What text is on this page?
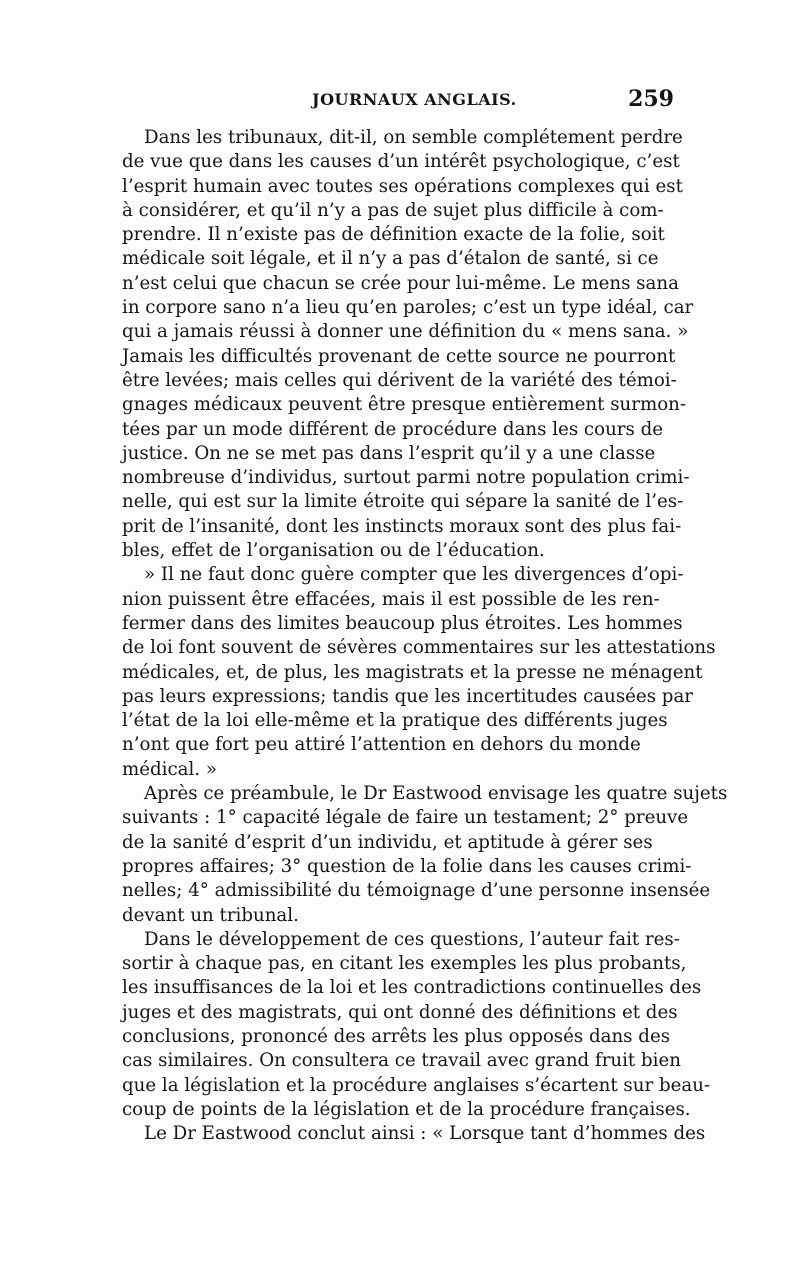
JOURNAUX ANGLAIS.	259
Dans les tribunaux, dit-il, on semble complétement perdre
de vue que dans les causes d’un intérêt psychologique, c’est
l’esprit humain avec toutes ses opérations complexes qui est
à considérer, et qu’il n’y a pas de sujet plus difficile à com-
prendre. Il n’existe pas de définition exacte de la folie, soit
médicale soit légale, et il n’y a pas d’étalon de santé, si ce
n’est celui que chacun se crée pour lui-même. Le mens sana
in corpore sano n’a lieu qu’en paroles; c’est un type idéal, car
qui a jamais réussi à donner une définition du « mens sana. »
Jamais les difficultés provenant de cette source ne pourront
être levées; mais celles qui dérivent de la variété des témoi-
gnages médicaux peuvent être presque entièrement surmon-
tées par un mode différent de procédure dans les cours de
justice. On ne se met pas dans l’esprit qu’il y a une classe
nombreuse d’individus, surtout parmi notre population crimi-
nelle, qui est sur la limite étroite qui sépare la sanité de l’es-
prit de l’insanité, dont les instincts moraux sont des plus fai-
bles, effet de l’organisation ou de l’éducation.
» Il ne faut donc guère compter que les divergences d’opi-
nion puissent être effacées, mais il est possible de les ren-
fermer dans des limites beaucoup plus étroites. Les hommes
de loi font souvent de sévères commentaires sur les attestations
médicales, et, de plus, les magistrats et la presse ne ménagent
pas leurs expressions; tandis que les incertitudes causées par
l’état de la loi elle-même et la pratique des différents juges
n’ont que fort peu attiré l’attention en dehors du monde
médical. »
Après ce préambule, le Dr Eastwood envisage les quatre sujets
suivants : 1° capacité légale de faire un testament; 2° preuve
de la sanité d’esprit d’un individu, et aptitude à gérer ses
propres affaires; 3° question de la folie dans les causes crimi-
nelles; 4° admissibilité du témoignage d’une personne insensée
devant un tribunal.
Dans le développement de ces questions, l’auteur fait res-
sortir à chaque pas, en citant les exemples les plus probants,
les insuffisances de la loi et les contradictions continuelles des
juges et des magistrats, qui ont donné des définitions et des
conclusions, prononcé des arrêts les plus opposés dans des
cas similaires. On consultera ce travail avec grand fruit bien
que la législation et la procédure anglaises s’écartent sur beau-
coup de points de la législation et de la procédure françaises.
Le Dr Eastwood conclut ainsi : « Lorsque tant d’hommes des
